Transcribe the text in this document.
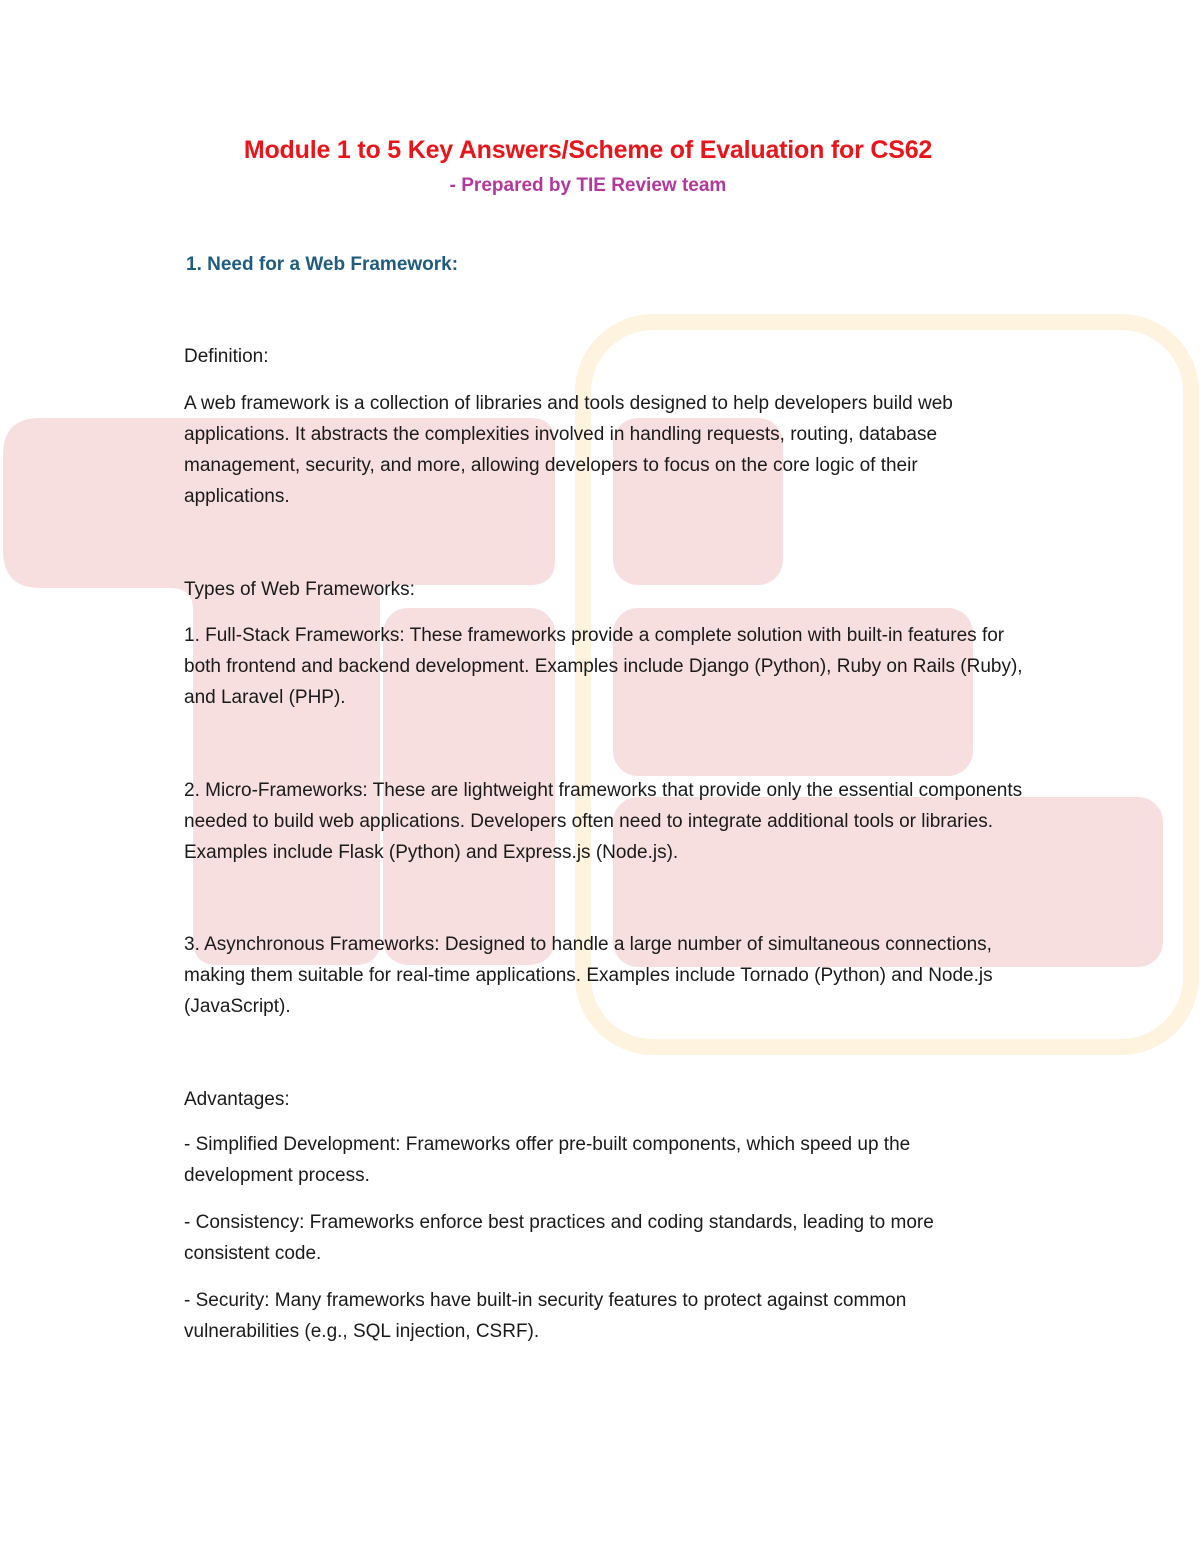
Module 1 to 5 Key Answers/Scheme of Evaluation for CS62
- Prepared by TIE Review team
1. Need for a Web Framework:

Definition:

A web framework is a collection of libraries and tools designed to help developers build web applications. It abstracts the complexities involved in handling requests, routing, database management, security, and more, allowing developers to focus on the core logic of their applications.

Types of Web Frameworks:

1. Full-Stack Frameworks: These frameworks provide a complete solution with built-in features for both frontend and backend development. Examples include Django (Python), Ruby on Rails (Ruby), and Laravel (PHP).

2. Micro-Frameworks: These are lightweight frameworks that provide only the essential components needed to build web applications. Developers often need to integrate additional tools or libraries. Examples include Flask (Python) and Express.js (Node.js).

3. Asynchronous Frameworks: Designed to handle a large number of simultaneous connections, making them suitable for real-time applications. Examples include Tornado (Python) and Node.js (JavaScript).

Advantages:

- Simplified Development: Frameworks offer pre-built components, which speed up the development process.

- Consistency: Frameworks enforce best practices and coding standards, leading to more consistent code.

- Security: Many frameworks have built-in security features to protect against common vulnerabilities (e.g., SQL injection, CSRF).
